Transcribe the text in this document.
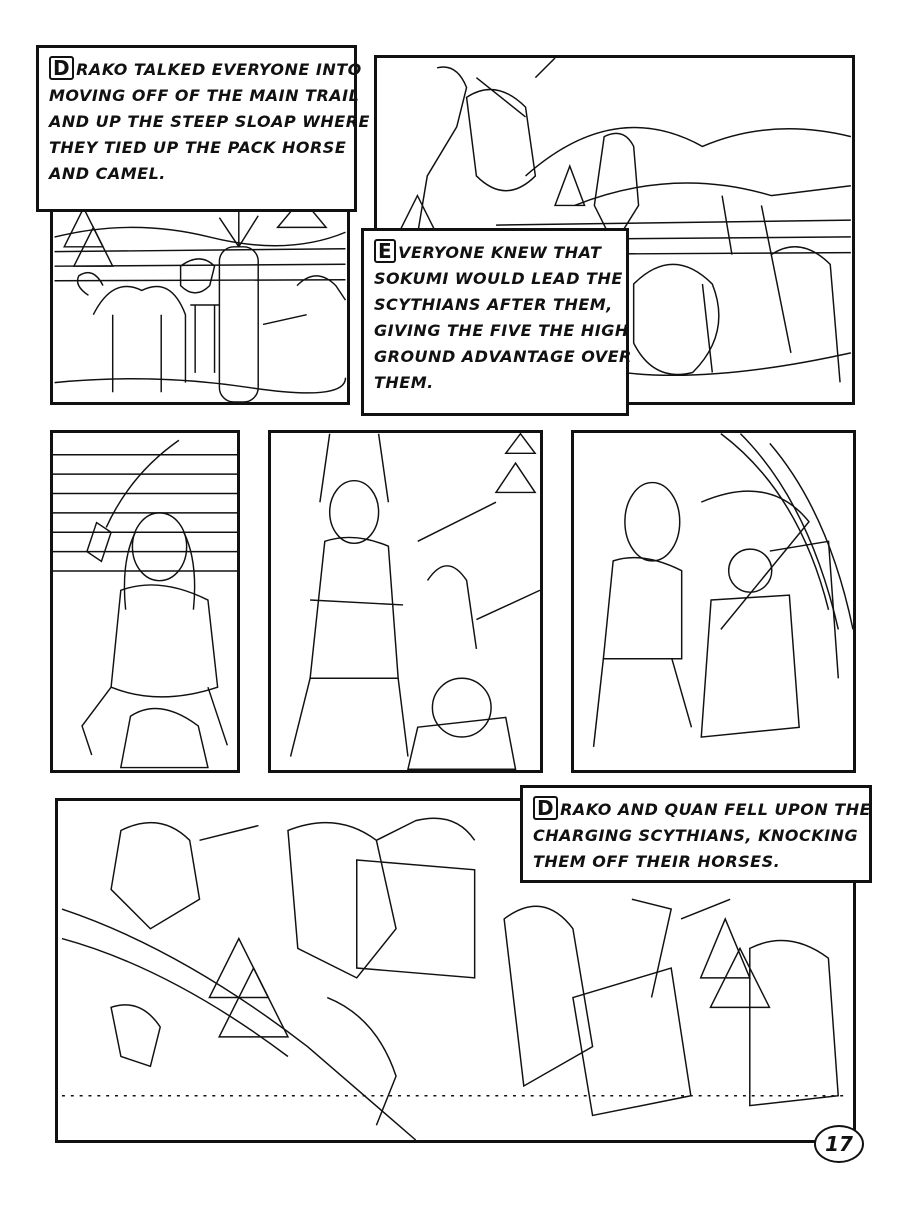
D RAKO TALKED EVERYONE INTO
MOVING OFF OF THE MAIN TRAIL
AND UP THE STEEP SLOAP WHERE
THEY TIED UP THE PACK HORSE
AND CAMEL.
E VERYONE KNEW THAT
SOKUMI WOULD LEAD THE
SCYTHIANS AFTER THEM,
GIVING THE FIVE THE HIGH
GROUND ADVANTAGE OVER
THEM.
D RAKO AND QUAN FELL UPON THE
CHARGING SCYTHIANS, KNOCKING
THEM OFF THEIR HORSES.
17
